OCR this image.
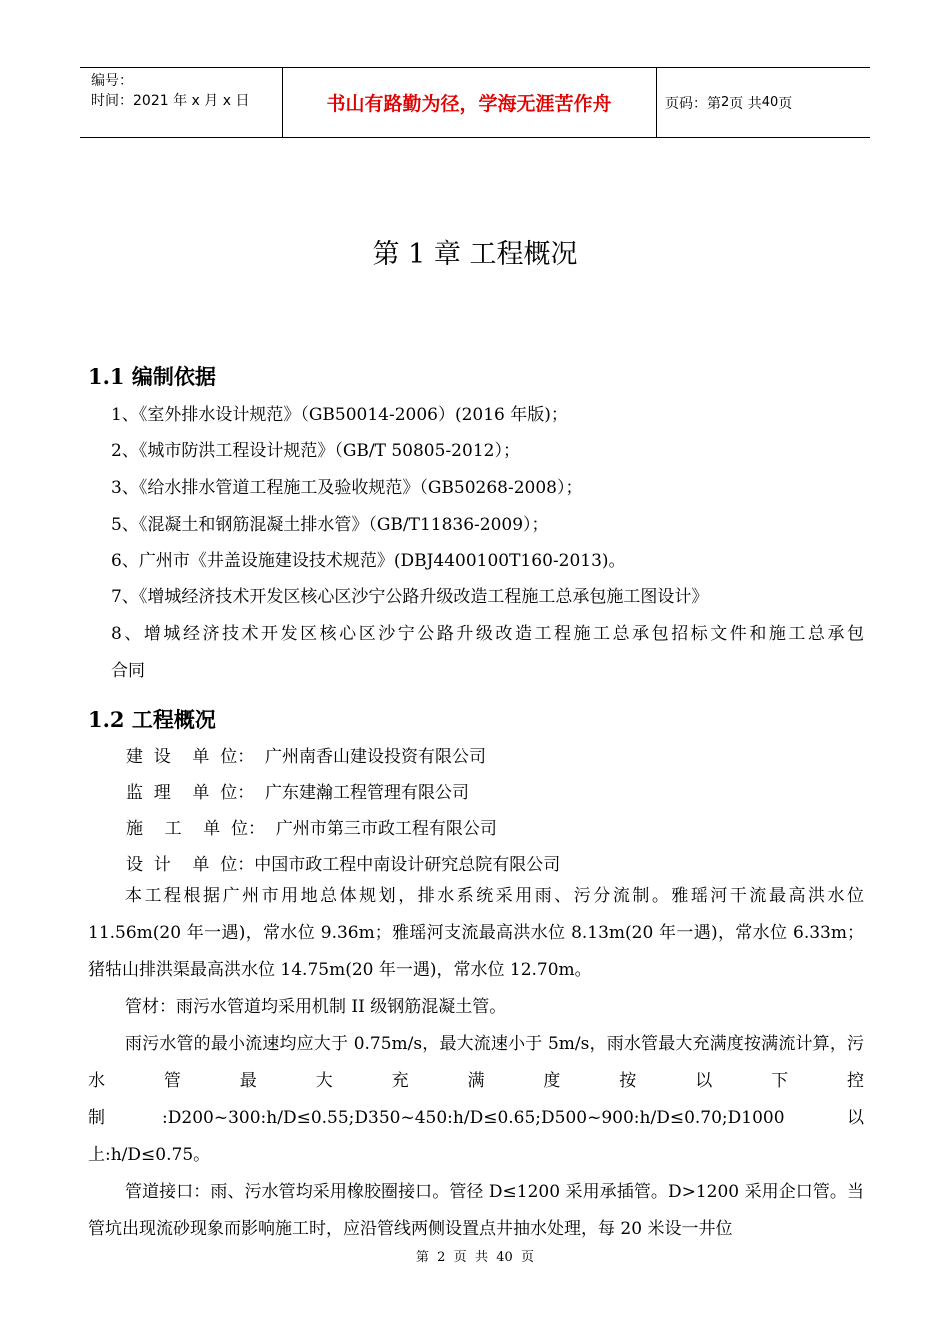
编号：
时间：2021 年 x 月 x 日	书山有路勤为径，学海无涯苦作舟	页码：第 2 页 共 40 页
第 1 章 工程概况
1.1 编制依据
1、《室外排水设计规范》（GB50014-2006）(2016 年版)；
2、《城市防洪工程设计规范》（GB/T 50805-2012）；
3、《给水排水管道工程施工及验收规范》（GB50268-2008）；
5、《混凝土和钢筋混凝土排水管》（GB/T11836-2009）；
6、广州市《井盖设施建设技术规范》(DBJ4400100T160-2013)。
7、《增城经济技术开发区核心区沙宁公路升级改造工程施工总承包施工图设计》
8、增城经济技术开发区核心区沙宁公路升级改造工程施工总承包招标文件和施工总承包
合同
1.2 工程概况
建  设    单  位：  广州南香山建设投资有限公司
监  理    单  位：  广东建瀚工程管理有限公司
施    工    单  位：  广州市第三市政工程有限公司
设  计    单  位：中国市政工程中南设计研究总院有限公司

本工程根据广州市用地总体规划，排水系统采用雨、污分流制。雅瑶河干流最高洪水位 11.56m(20 年一遇)，常水位 9.36m；雅瑶河支流最高洪水位 8.13m(20 年一遇)，常水位 6.33m；猪牯山排洪渠最高洪水位 14.75m(20 年一遇)，常水位 12.70m。

管材：雨污水管道均采用机制 II 级钢筋混凝土管。

雨污水管的最小流速均应大于 0.75m/s，最大流速小于 5m/s，雨水管最大充满度按满流计算，污水管最大充满度按以下控制:D200~300:h/D≤0.55;D350~450:h/D≤0.65;D500~900:h/D≤0.70;D1000 以上:h/D≤0.75。

管道接口：雨、污水管均采用橡胶圈接口。管径 D≤1200 采用承插管。D>1200 采用企口管。当管坑出现流砂现象而影响施工时，应沿管线两侧设置点井抽水处理，每 20 米设一井位

第  2  页  共  40  页
